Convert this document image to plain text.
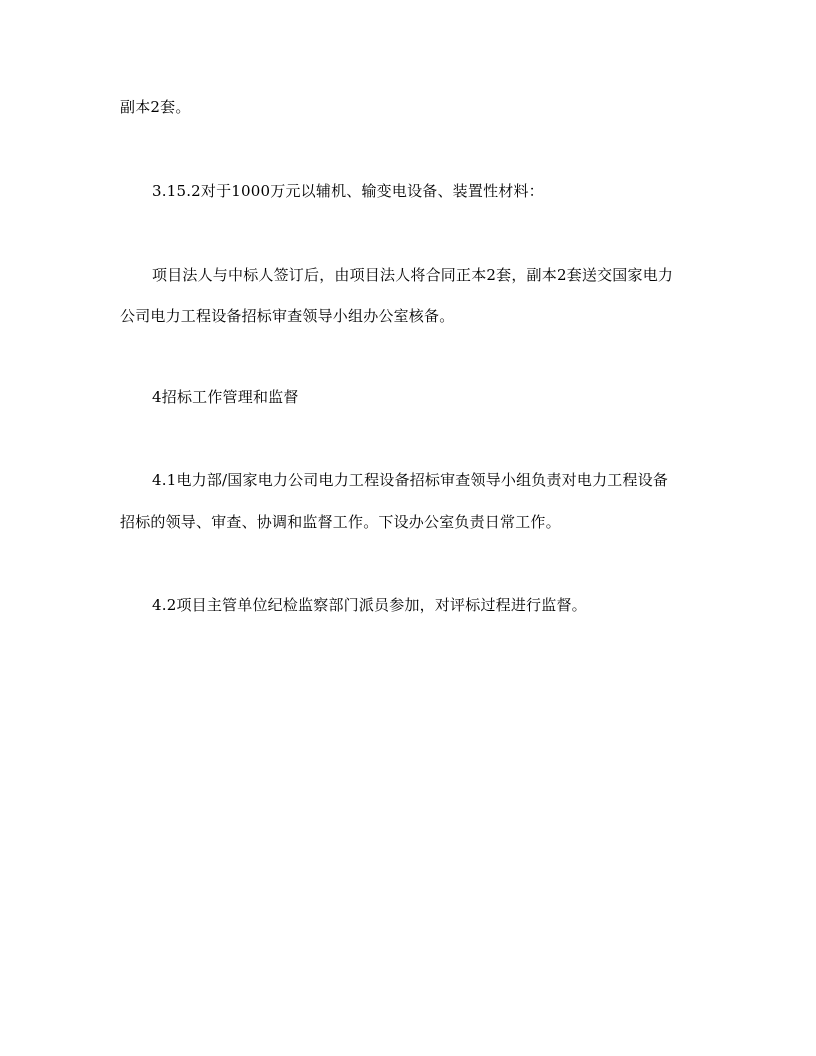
副本2套。
3.15.2对于1000万元以辅机、输变电设备、装置性材料：
项目法人与中标人签订后，由项目法人将合同正本2套，副本2套送交国家电力
公司电力工程设备招标审查领导小组办公室核备。
4招标工作管理和监督
4.1电力部/国家电力公司电力工程设备招标审查领导小组负责对电力工程设备
招标的领导、审查、协调和监督工作。下设办公室负责日常工作。
4.2项目主管单位纪检监察部门派员参加，对评标过程进行监督。
